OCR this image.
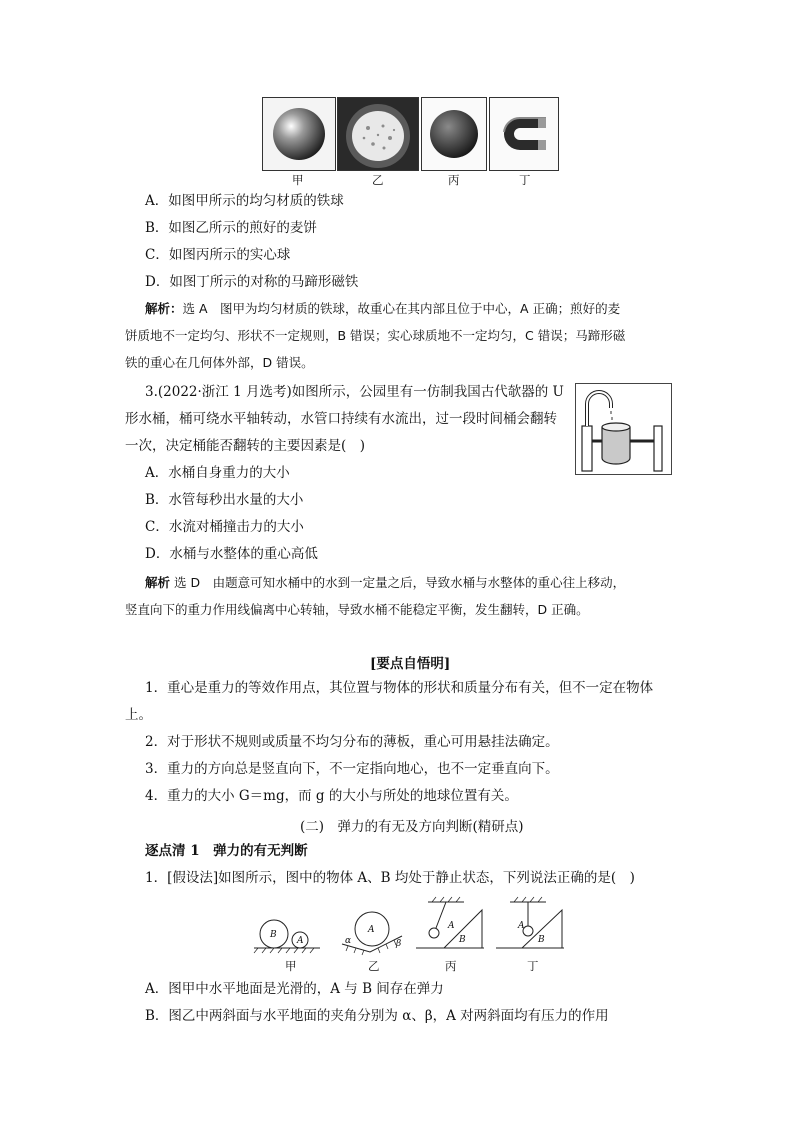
甲	乙	丙	丁
A．如图甲所示的均匀材质的铁球
B．如图乙所示的煎好的麦饼
C．如图丙所示的实心球
D．如图丁所示的对称的马蹄形磁铁
解析：选 A　图甲为均匀材质的铁球，故重心在其内部且位于中心，A 正确；煎好的麦
饼质地不一定均匀、形状不一定规则，B 错误；实心球质地不一定均匀，C 错误；马蹄形磁
铁的重心在几何体外部，D 错误。
3.(2022·浙江 1 月选考)如图所示，公园里有一仿制我国古代欹器的 U
形水桶，桶可绕水平轴转动，水管口持续有水流出，过一段时间桶会翻转
一次，决定桶能否翻转的主要因素是(　)
A．水桶自身重力的大小
B．水管每秒出水量的大小
C．水流对桶撞击力的大小
D．水桶与水整体的重心高低
解析 选 D　由题意可知水桶中的水到一定量之后，导致水桶与水整体的重心往上移动，
竖直向下的重力作用线偏离中心转轴，导致水桶不能稳定平衡，发生翻转，D 正确。
[要点自悟明]
1．重心是重力的等效作用点，其位置与物体的形状和质量分布有关，但不一定在物体
上。
2．对于形状不规则或质量不均匀分布的薄板，重心可用悬挂法确定。
3．重力的方向总是竖直向下，不一定指向地心，也不一定垂直向下。
4．重力的大小 G＝mg，而 g 的大小与所处的地球位置有关。
(二)　弹力的有无及方向判断(精研点)
逐点清 1　弹力的有无判断
1．[假设法]如图所示，图中的物体 A、B 均处于静止状态，下列说法正确的是(　)
B
A
A
α	β
A
B
A
B
甲	乙	丙	丁
A．图甲中水平地面是光滑的，A 与 B 间存在弹力
B．图乙中两斜面与水平地面的夹角分别为 α、β，A 对两斜面均有压力的作用
